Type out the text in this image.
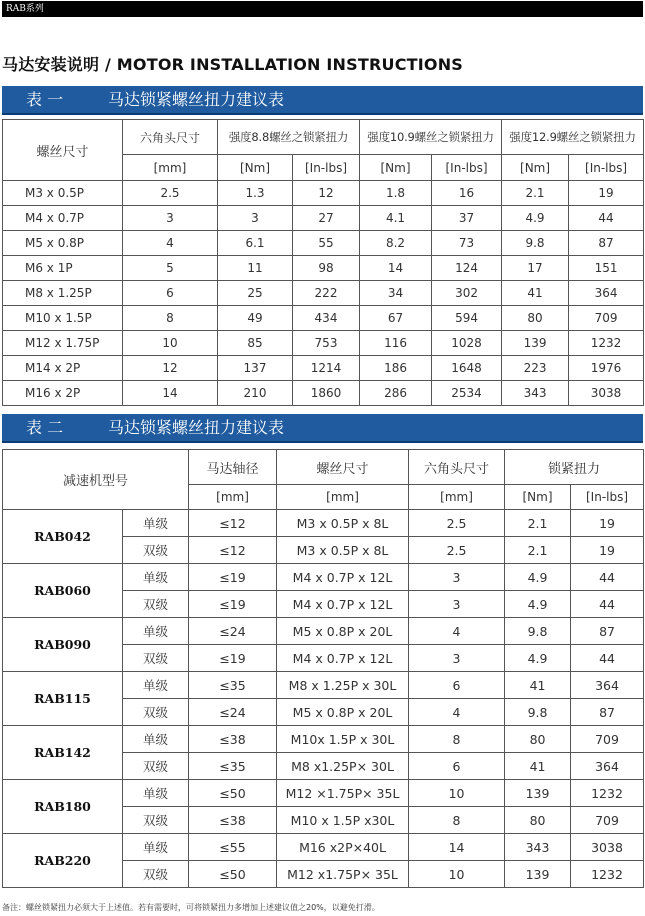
RAB系列
马达安装说明 / MOTOR INSTALLATION INSTRUCTIONS
表 一	马达锁紧螺丝扭力建议表
螺丝尺寸	六角头尺寸	强度8.8螺丝之锁紧扭力		强度10.9螺丝之锁紧扭力		强度12.9螺丝之锁紧扭力	
	[mm]	[Nm]	[In-lbs]	[Nm]	[In-lbs]	[Nm]	[In-lbs]
M3 x 0.5P	2.5	1.3	12	1.8	16	2.1	19
M4 x 0.7P	3	3	27	4.1	37	4.9	44
M5 x 0.8P	4	6.1	55	8.2	73	9.8	87
M6 x 1P	5	11	98	14	124	17	151
M8 x 1.25P	6	25	222	34	302	41	364
M10 x 1.5P	8	49	434	67	594	80	709
M12 x 1.75P	10	85	753	116	1028	139	1232
M14 x 2P	12	137	1214	186	1648	223	1976
M16 x 2P	14	210	1860	286	2534	343	3038
表 二	马达锁紧螺丝扭力建议表
减速机型号		马达轴径	螺丝尺寸	六角头尺寸	锁紧扭力	
		[mm]	[mm]	[mm]	[Nm]	[In-lbs]
RAB042	单级	≤12	M3 x 0.5P x 8L	2.5	2.1	19
	双级	≤12	M3 x 0.5P x 8L	2.5	2.1	19
RAB060	单级	≤19	M4 x 0.7P x 12L	3	4.9	44
	双级	≤19	M4 x 0.7P x 12L	3	4.9	44
RAB090	单级	≤24	M5 x 0.8P x 20L	4	9.8	87
	双级	≤19	M4 x 0.7P x 12L	3	4.9	44
RAB115	单级	≤35	M8 x 1.25P x 30L	6	41	364
	双级	≤24	M5 x 0.8P x 20L	4	9.8	87
RAB142	单级	≤38	M10x 1.5P x 30L	8	80	709
	双级	≤35	M8 x1.25P× 30L	6	41	364
RAB180	单级	≤50	M12 ×1.75P× 35L	10	139	1232
	双级	≤38	M10 x 1.5P x30L	8	80	709
RAB220	单级	≤55	M16 x2P×40L	14	343	3038
	双级	≤50	M12 x1.75P× 35L	10	139	1232
备注：螺丝锁紧扭力必须大于上述值。若有需要时，可将锁紧扭力多增加上述建议值之20%，以避免打滑。
